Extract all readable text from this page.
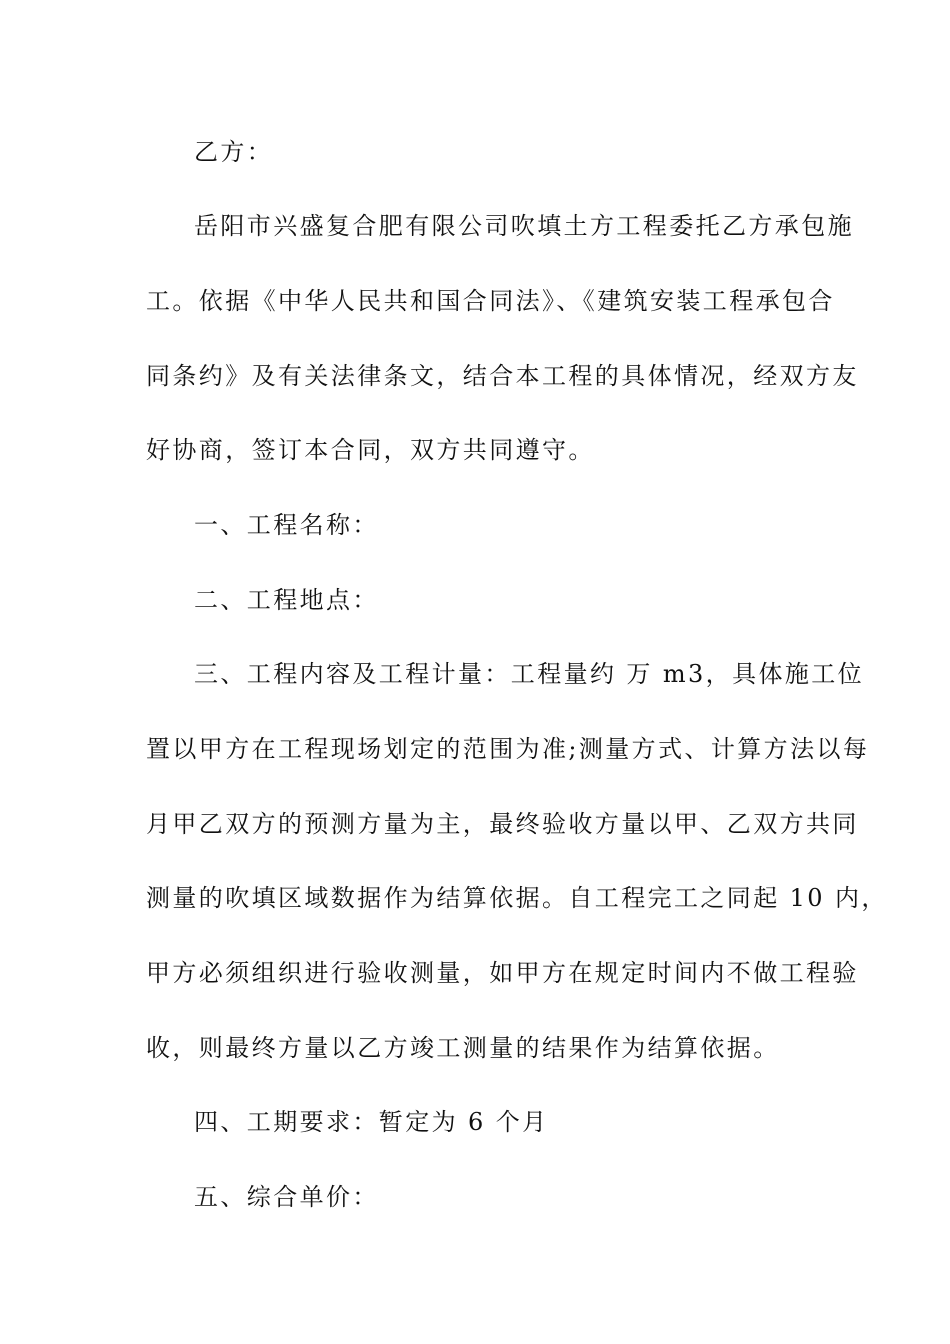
乙方：
岳阳市兴盛复合肥有限公司吹填土方工程委托乙方承包施
工。依据《中华人民共和国合同法》、《建筑安装工程承包合
同条约》及有关法律条文，结合本工程的具体情况，经双方友
好协商，签订本合同，双方共同遵守。
一、工程名称：
二、工程地点：
三、工程内容及工程计量：工程量约 万 m3，具体施工位
置以甲方在工程现场划定的范围为准;测量方式、计算方法以每
月甲乙双方的预测方量为主，最终验收方量以甲、乙双方共同
测量的吹填区域数据作为结算依据。自工程完工之同起 10 内，
甲方必须组织进行验收测量，如甲方在规定时间内不做工程验
收，则最终方量以乙方竣工测量的结果作为结算依据。
四、工期要求：暂定为 6 个月
五、综合单价：
